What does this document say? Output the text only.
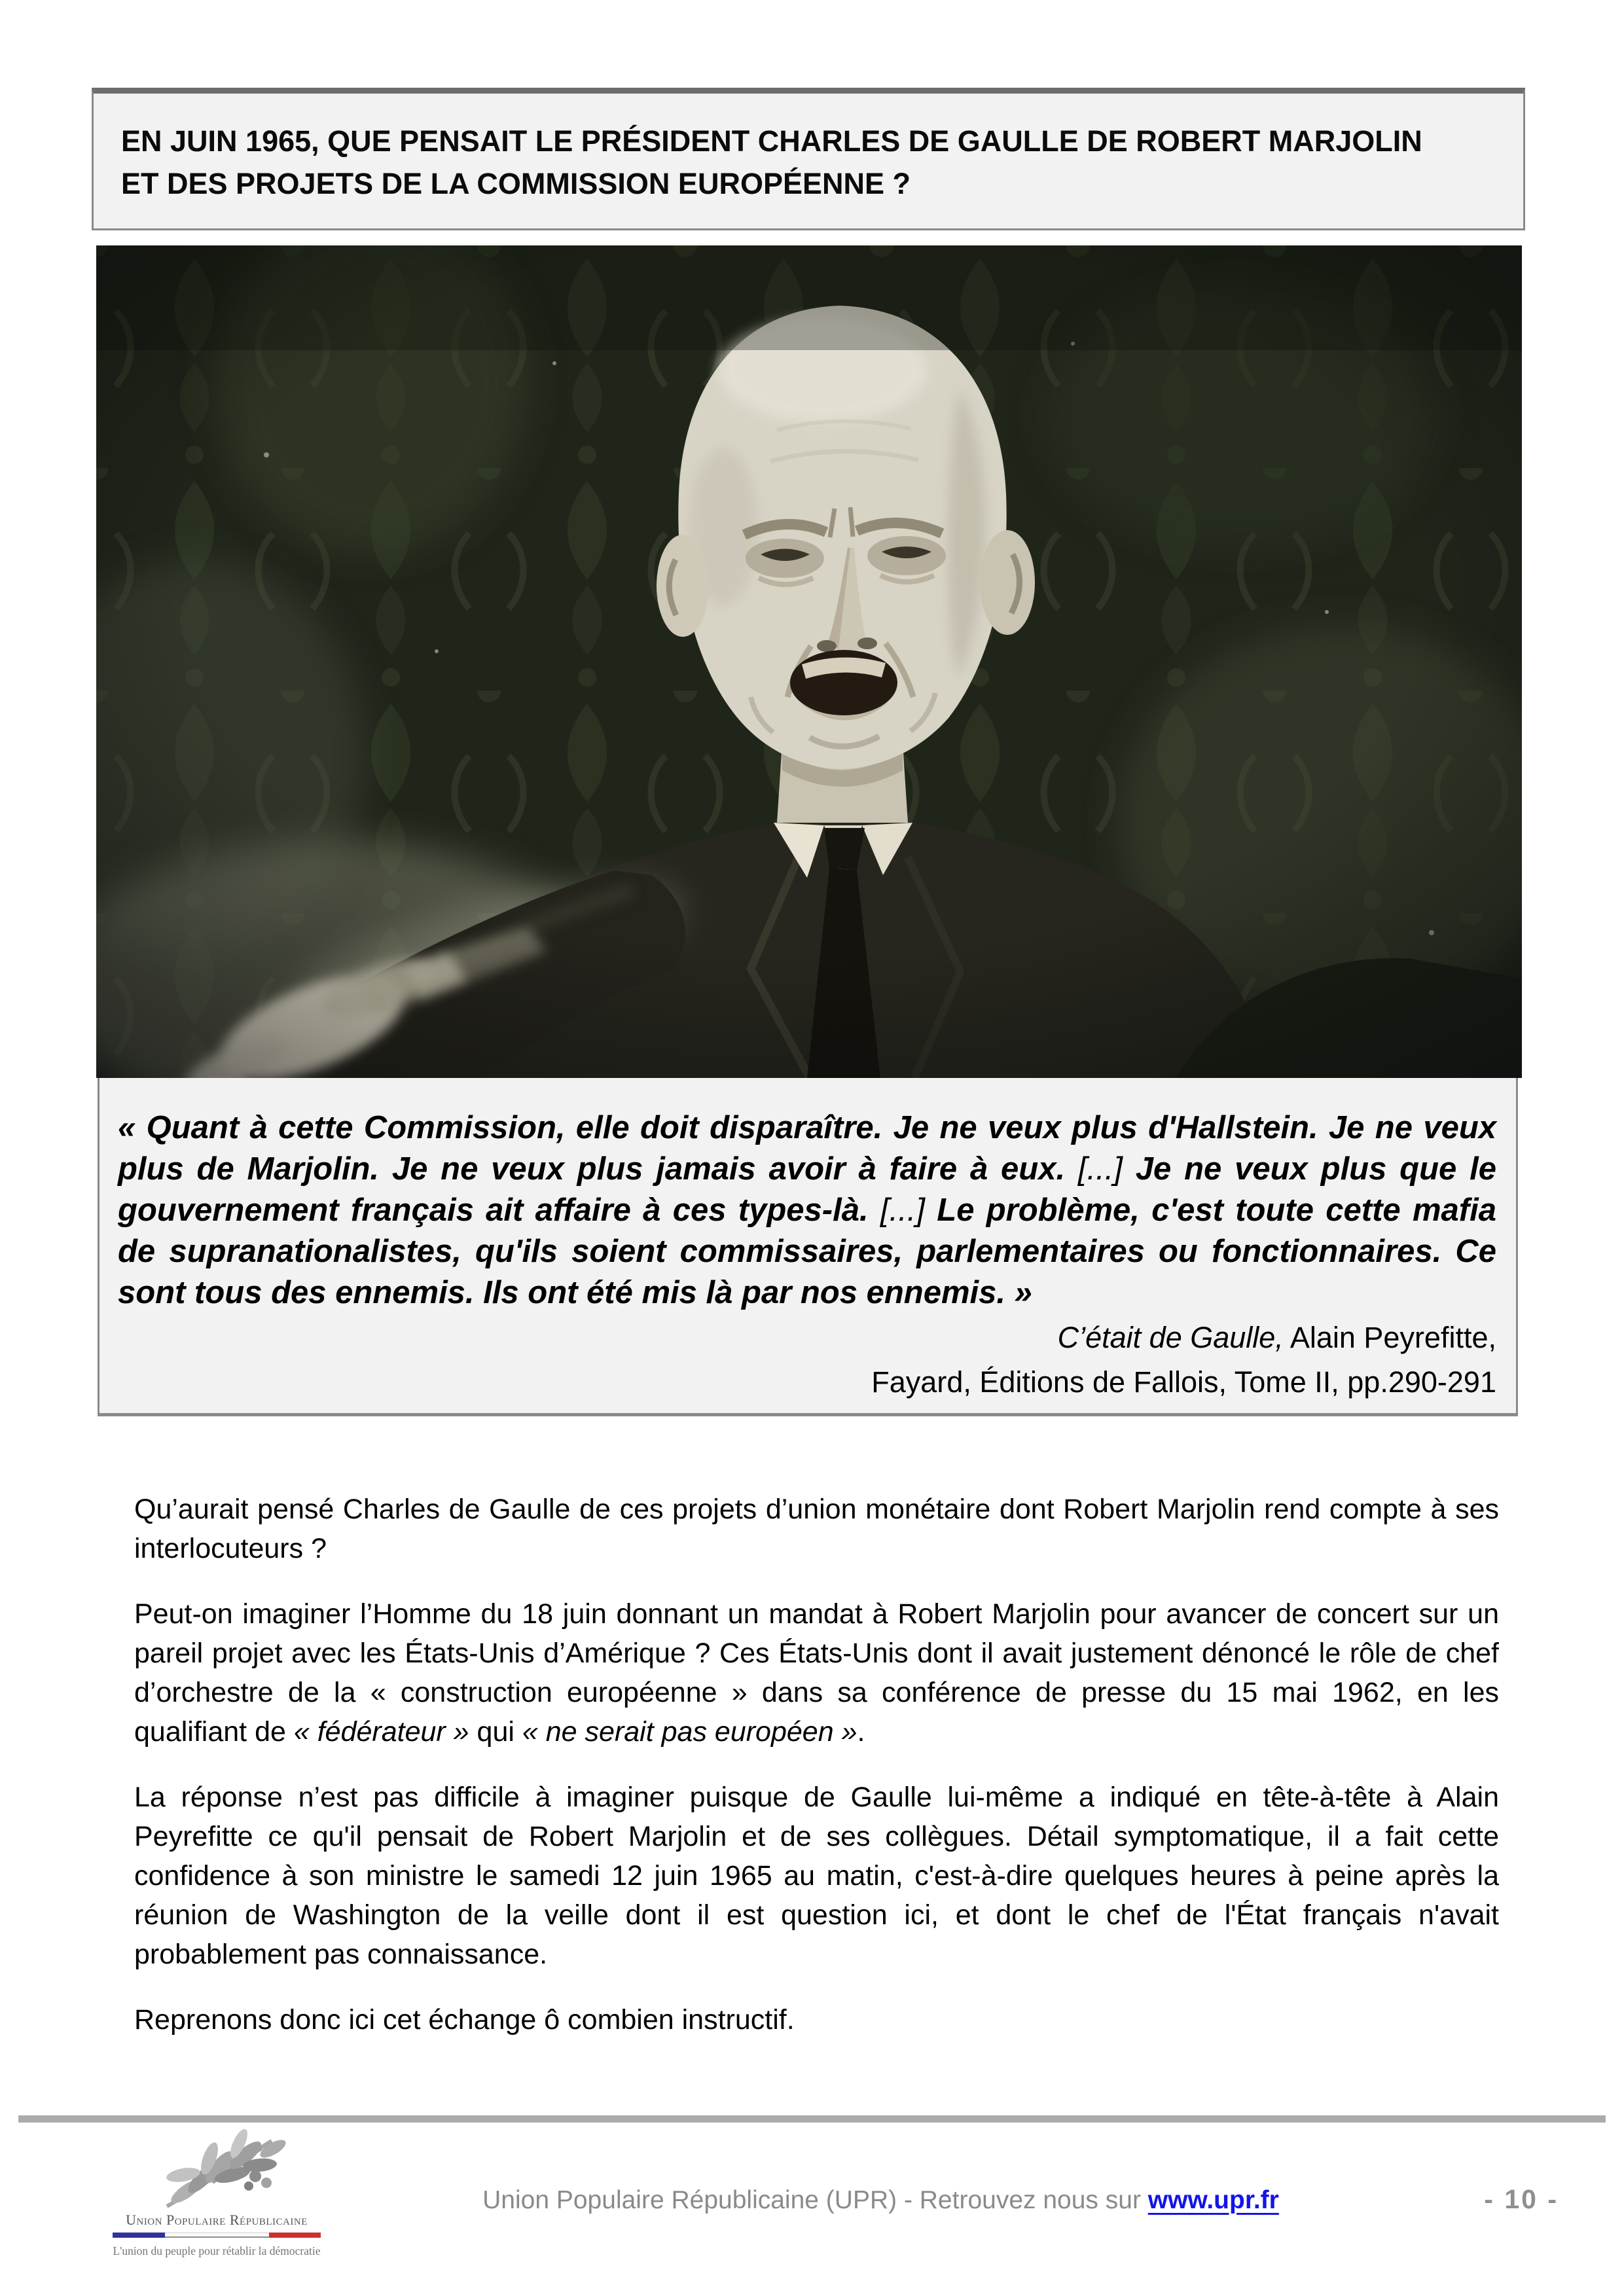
EN JUIN 1965, QUE PENSAIT LE PRÉSIDENT CHARLES DE GAULLE DE ROBERT MARJOLIN ET DES PROJETS DE LA COMMISSION EUROPÉENNE ?

« Quant à cette Commission, elle doit disparaître. Je ne veux plus d'Hallstein. Je ne veux plus de Marjolin. Je ne veux plus jamais avoir à faire à eux. [...] Je ne veux plus que le gouvernement français ait affaire à ces types-là. [...] Le problème, c'est toute cette mafia de supranationalistes, qu'ils soient commissaires, parlementaires ou fonctionnaires. Ce sont tous des ennemis. Ils ont été mis là par nos ennemis. »

C’était de Gaulle, Alain Peyrefitte,

Fayard, Éditions de Fallois, Tome II, pp.290-291

Qu’aurait pensé Charles de Gaulle de ces projets d’union monétaire dont Robert Marjolin rend compte à ses interlocuteurs ?

Peut-on imaginer l’Homme du 18 juin donnant un mandat à Robert Marjolin pour avancer de concert sur un pareil projet avec les États-Unis d’Amérique ? Ces États-Unis dont il avait justement dénoncé le rôle de chef d’orchestre de la « construction européenne » dans sa conférence de presse du 15 mai 1962, en les qualifiant de « fédérateur » qui « ne serait pas européen ».

La réponse n’est pas difficile à imaginer puisque de Gaulle lui-même a indiqué en tête-à-tête à Alain Peyrefitte ce qu'il pensait de Robert Marjolin et de ses collègues. Détail symptomatique, il a fait cette confidence à son ministre le samedi 12 juin 1965 au matin, c'est-à-dire quelques heures à peine après la réunion de Washington de la veille dont il est question ici, et dont le chef de l'État français n'avait probablement pas connaissance.

Reprenons donc ici cet échange ô combien instructif.

Union Populaire Républicaine
L'union du peuple pour rétablir la démocratie
Union Populaire Républicaine (UPR) - Retrouvez nous sur www.upr.fr	- 10 -
